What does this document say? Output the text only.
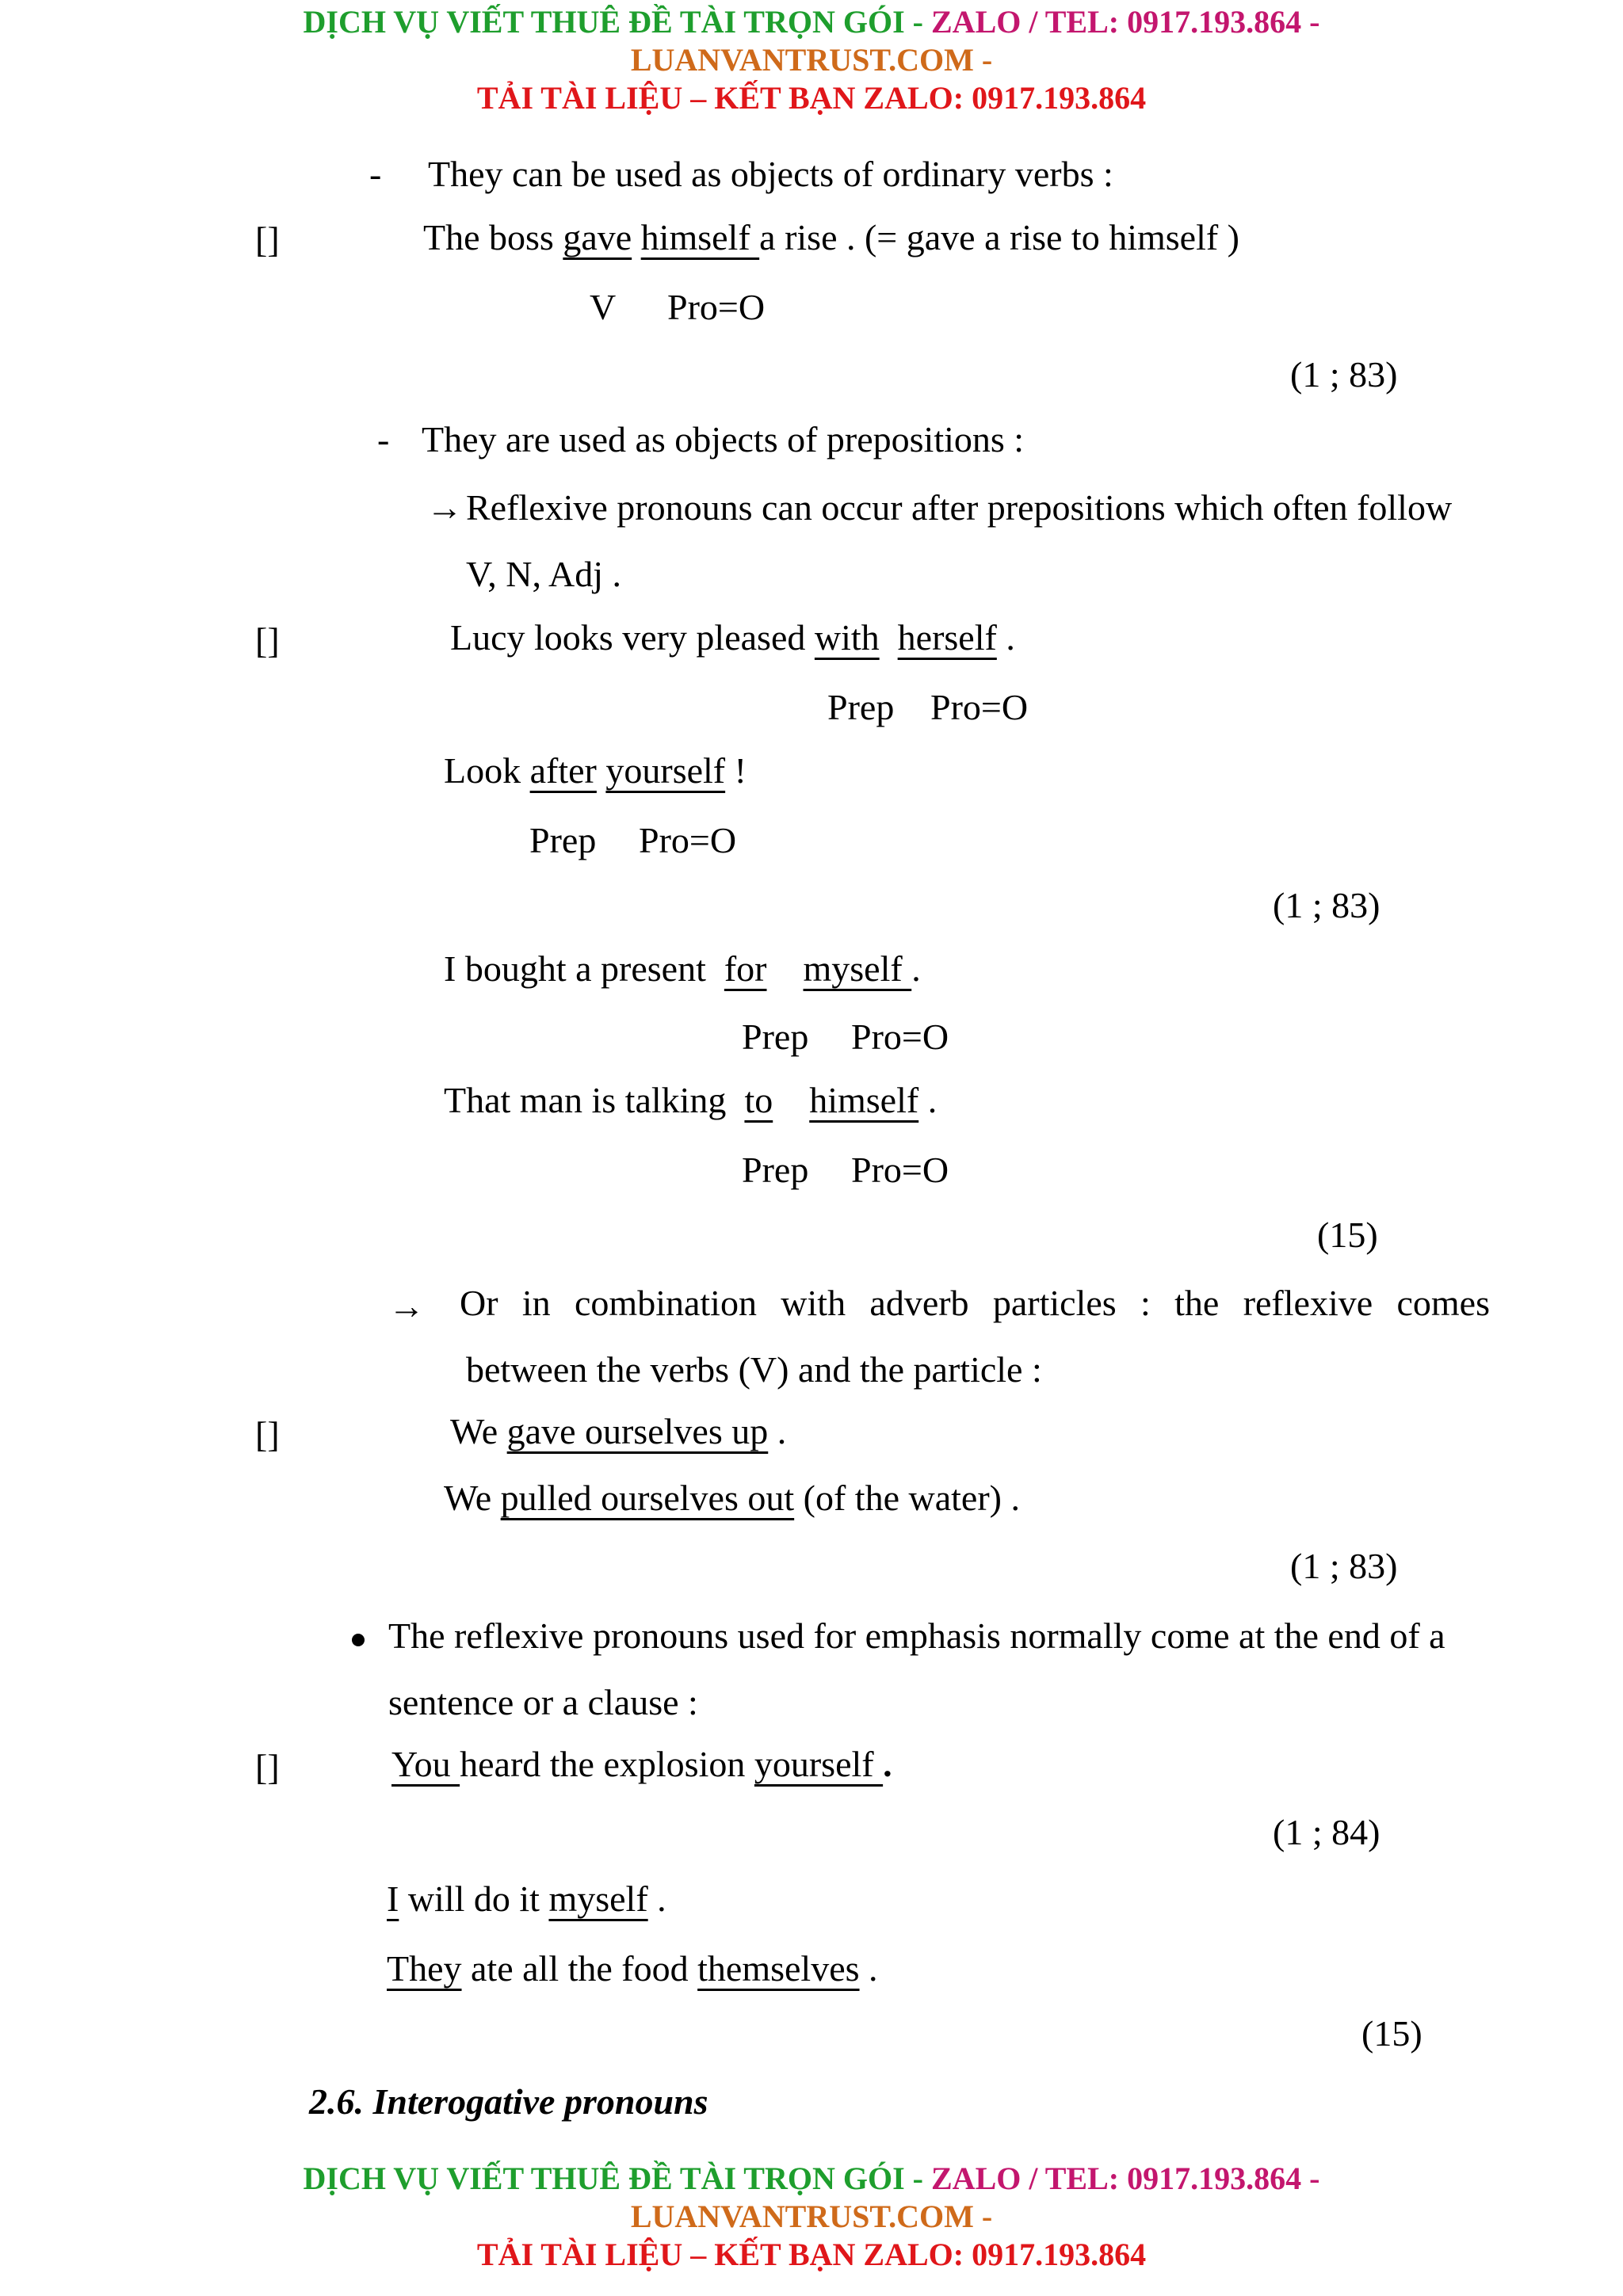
DỊCH VỤ VIẾT THUÊ ĐỀ TÀI TRỌN GÓI - ZALO / TEL: 0917.193.864 -
LUANVANTRUST.COM -
TẢI TÀI LIỆU – KẾT BẠN ZALO: 0917.193.864
- They can be used as objects of ordinary verbs :
[]	The boss gave himself a rise . (= gave a rise to himself )
V Pro=O
(1 ; 83)
- They are used as objects of prepositions :
→ Reflexive pronouns can occur after prepositions which often follow
V, N, Adj .
[]	Lucy looks very pleased with herself .
Prep Pro=O
Look after yourself !
Prep Pro=O
(1 ; 83)
I bought a present  for myself .
Prep Pro=O
That man is talking  to himself .
Prep Pro=O
(15)
→ Or in combination with adverb particles : the reflexive comes
between the verbs (V) and the particle :
[]	We gave ourselves up .
We pulled ourselves out (of the water) .
(1 ; 83)
The reflexive pronouns used for emphasis normally come at the end of a
sentence or a clause :
[]	You heard the explosion yourself .
(1 ; 84)
I will do it myself .
They ate all the food themselves .
(15)
2.6. Interogative pronouns
DỊCH VỤ VIẾT THUÊ ĐỀ TÀI TRỌN GÓI - ZALO / TEL: 0917.193.864 -
LUANVANTRUST.COM -
TẢI TÀI LIỆU – KẾT BẠN ZALO: 0917.193.864
